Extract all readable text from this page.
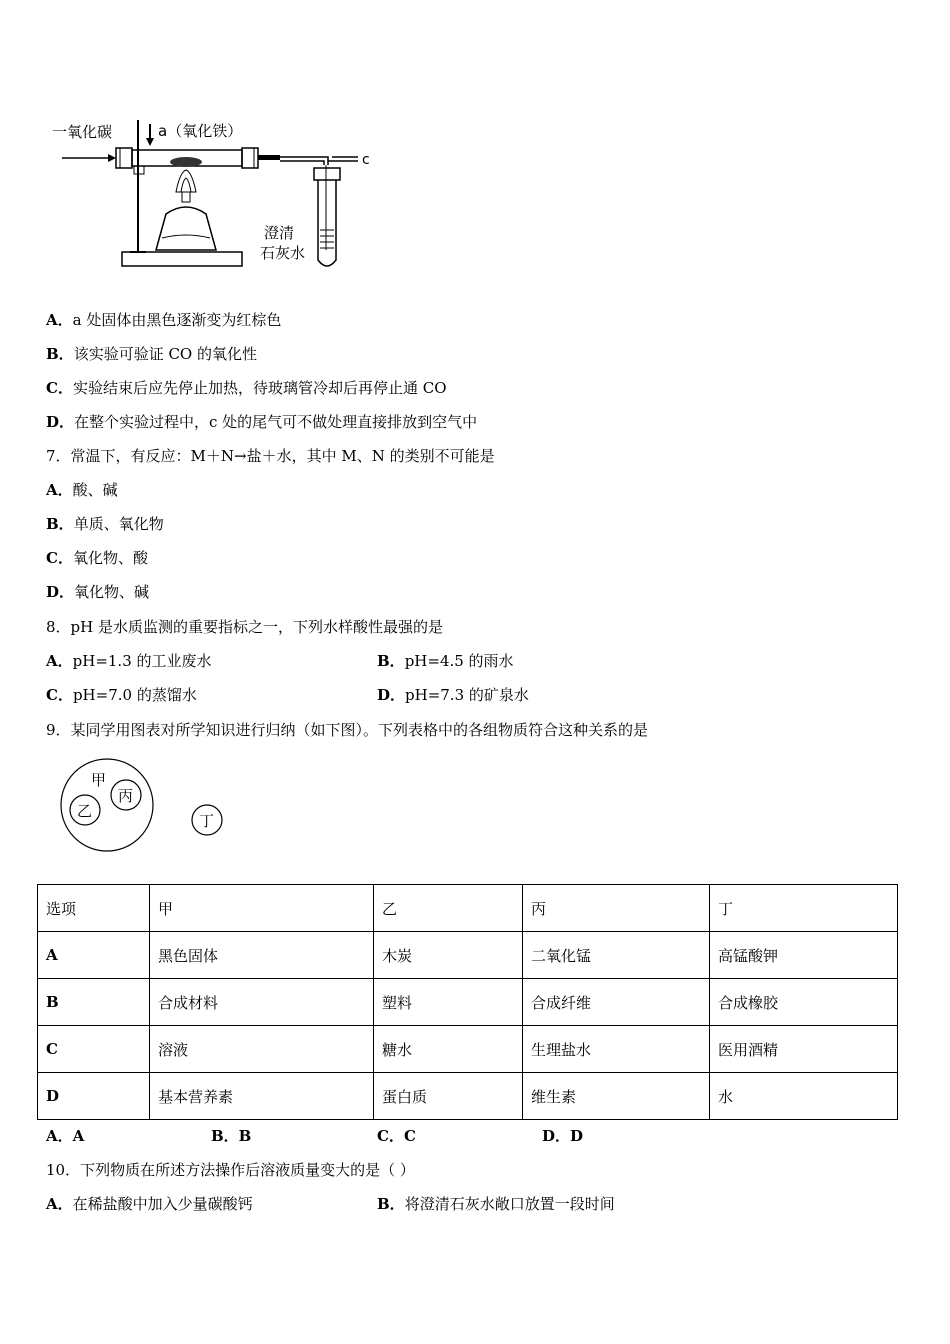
一氧化碳	a（氧化铁）
c
澄清
石灰水
A．a 处固体由黑色逐渐变为红棕色
B．该实验可验证 CO 的氧化性
C．实验结束后应先停止加热，待玻璃管冷却后再停止通 CO
D．在整个实验过程中，c 处的尾气可不做处理直接排放到空气中
7．常温下，有反应：M＋N→盐＋水，其中 M、N 的类别不可能是
A．酸、碱
B．单质、氧化物
C．氧化物、酸
D．氧化物、碱
8．pH 是水质监测的重要指标之一，下列水样酸性最强的是
A．pH=1.3 的工业废水	B．pH=4.5 的雨水
C．pH=7.0 的蒸馏水	D．pH=7.3 的矿泉水
9．某同学用图表对所学知识进行归纳（如下图）。下列表格中的各组物质符合这种关系的是
甲
乙
丙
丁
选项	甲	乙	丙	丁
A	黑色固体	木炭	二氧化锰	高锰酸钾
B	合成材料	塑料	合成纤维	合成橡胶
C	溶液	糖水	生理盐水	医用酒精
D	基本营养素	蛋白质	维生素	水
A．A	B．B	C．C	D．D
10．下列物质在所述方法操作后溶液质量变大的是（ ）
A．在稀盐酸中加入少量碳酸钙	B．将澄清石灰水敞口放置一段时间
